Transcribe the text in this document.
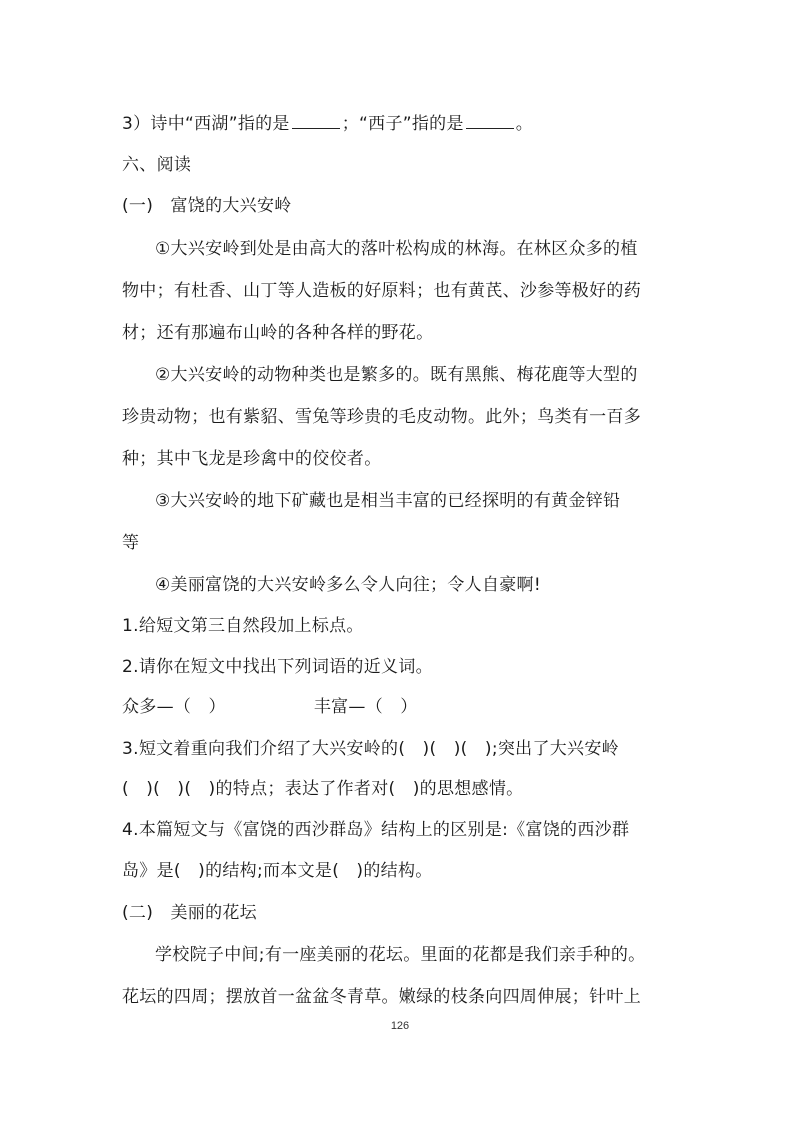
3）诗中“西湖”指的是	；“西子”指的是	。
六、阅读
(一)　富饶的大兴安岭
①大兴安岭到处是由高大的落叶松构成的林海。在林区众多的植
物中；有杜香、山丁等人造板的好原料；也有黄芪、沙参等极好的药
材；还有那遍布山岭的各种各样的野花。
②大兴安岭的动物种类也是繁多的。既有黑熊、梅花鹿等大型的
珍贵动物；也有紫貂、雪兔等珍贵的毛皮动物。此外；鸟类有一百多
种；其中飞龙是珍禽中的佼佼者。
③大兴安岭的地下矿藏也是相当丰富的已经探明的有黄金锌铅
等
④美丽富饶的大兴安岭多么令人向往；令人自豪啊!
1.给短文第三自然段加上标点。
2.请你在短文中找出下列词语的近义词。
众多—（　）	丰富—（　）
3.短文着重向我们介绍了大兴安岭的(　)(　)(　);突出了大兴安岭
(　)(　)(　)的特点；表达了作者对(　)的思想感情。
4.本篇短文与《富饶的西沙群岛》结构上的区别是:《富饶的西沙群
岛》是(　)的结构;而本文是(　)的结构。
(二)　美丽的花坛
学校院子中间;有一座美丽的花坛。里面的花都是我们亲手种的。
花坛的四周；摆放首一盆盆冬青草。嫩绿的枝条向四周伸展；针叶上
126
